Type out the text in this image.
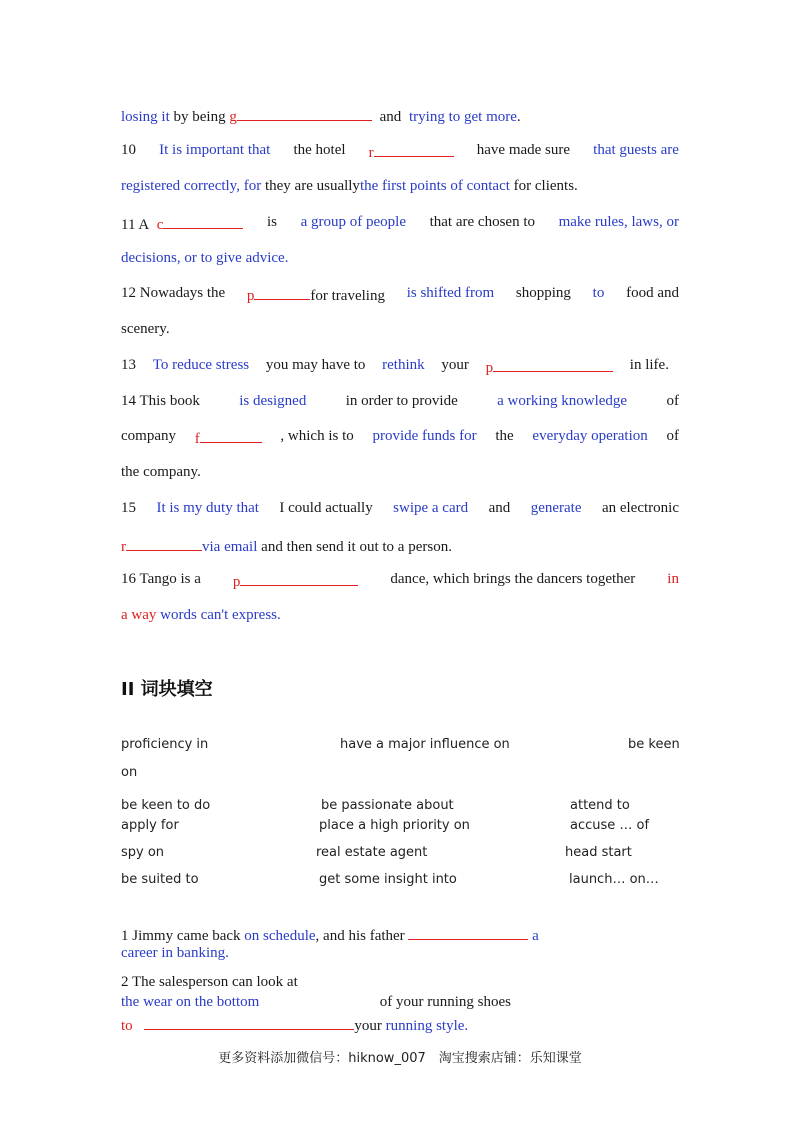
losing it by being g	and trying to get more.
10 It is important that the hotel r	have made sure that guests are
registered correctly, for they are usuallythe first points of contact for clients.
11 A c	is a group of people that are chosen to make rules, laws, or
decisions, or to give advice.
12 Nowadays the p	for traveling is shifted from shopping to food and
scenery.
13 To reduce stress you may have to rethink your p	in life.
14 This book	is designed	in order to provide	a working knowledge	of
company f	, which is to provide funds for the everyday operation of
the company.
15 It is my duty that I could actually swipe a card and generate an electronic
r	via email and then send it out to a person.
16 Tango is a p	dance, which brings the dancers together in
a way words can't express.
II 词块填空
proficiency in	have a major influence on	be keen
on
be keen to do	be passionate about	attend to
apply for	place a high priority on	accuse … of
spy on	real estate agent	head start
be suited to	get some insight into	launch… on…
1 Jimmy came back on schedule, and his father	a
career in banking.
2 The salesperson can look at
the wear on the bottom	of your running shoes
to	your running style.
更多资料添加微信号：hiknow_007　淘宝搜索店铺：乐知课堂
